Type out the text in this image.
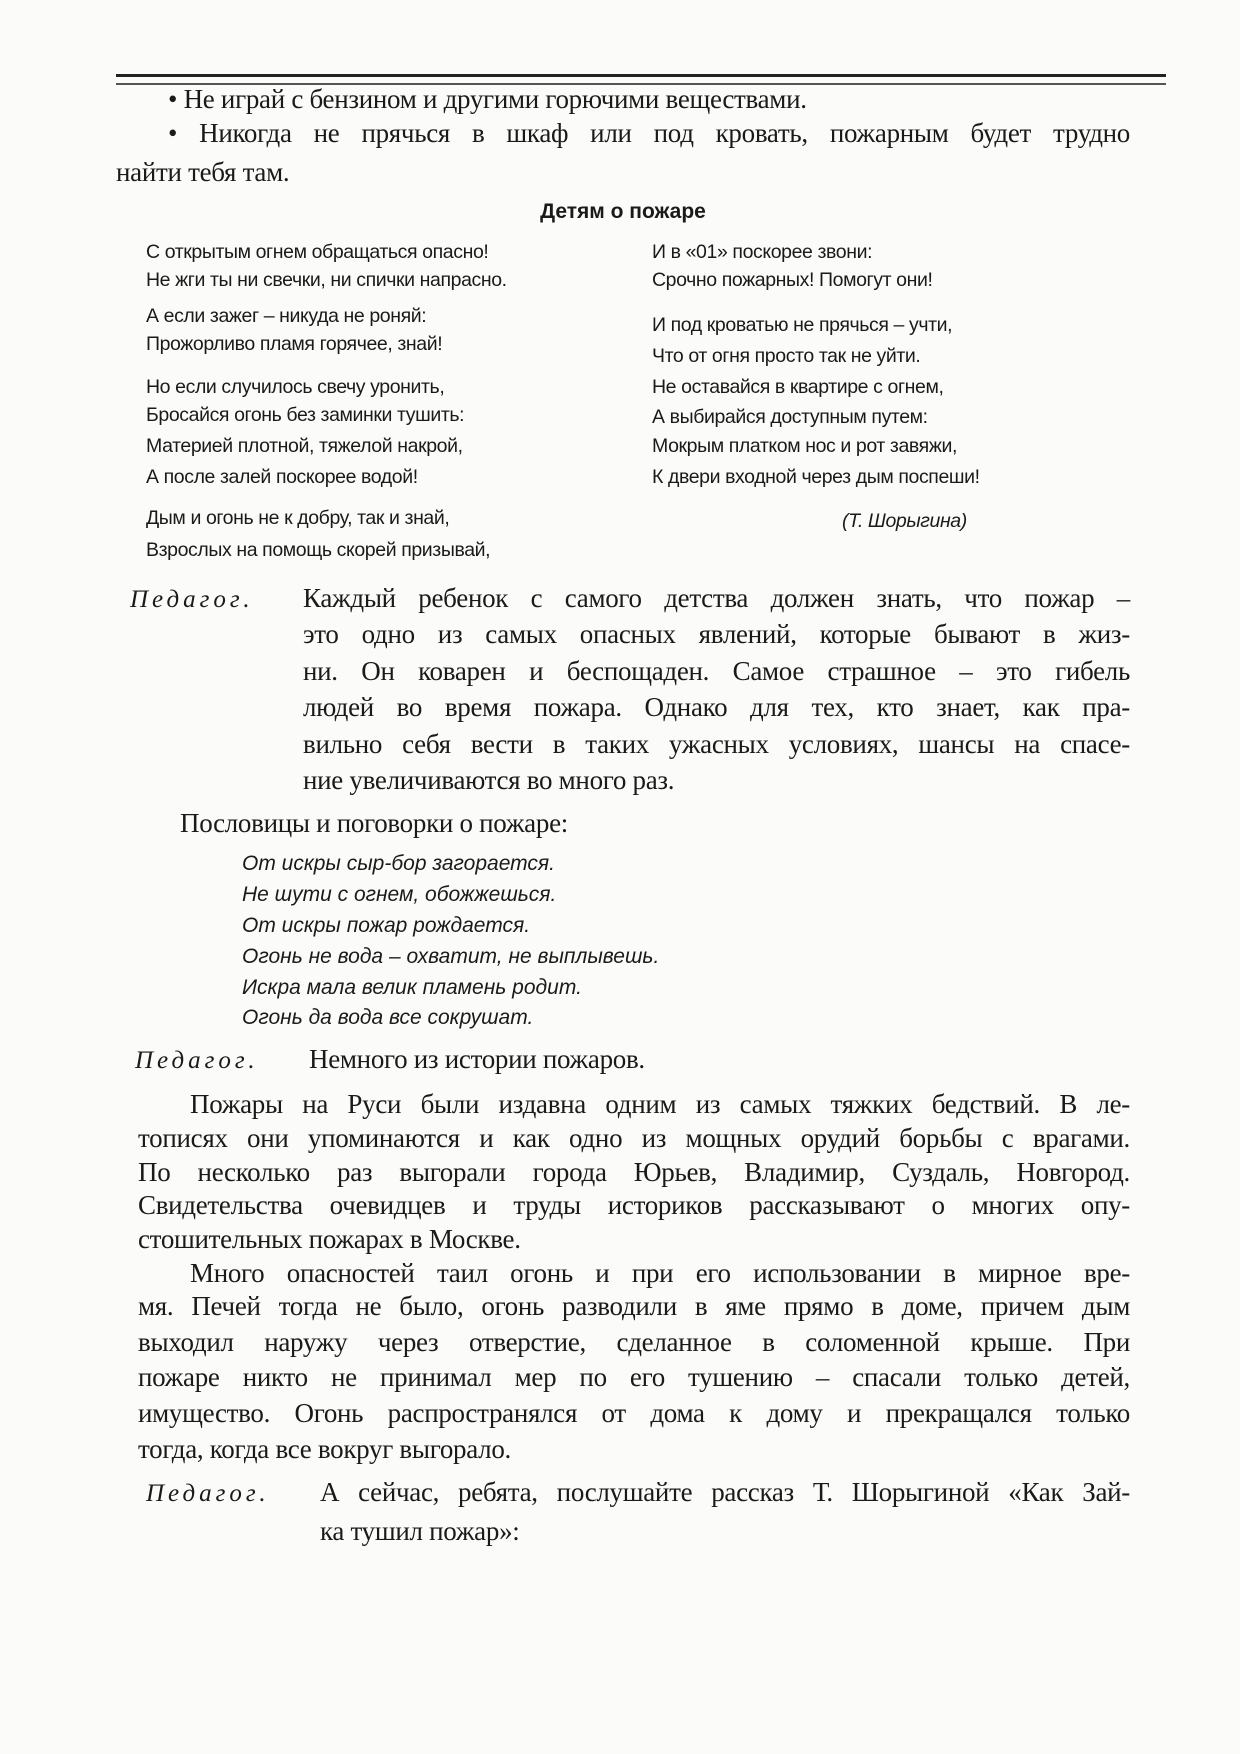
• Не играй с бензином и другими горючими веществами.
• Никогда не прячься в шкаф или под кровать, пожарным будет трудно
найти тебя там.
Детям о пожаре
С открытым огнем обращаться опасно!
Не жги ты ни свечки, ни спички напрасно.
А если зажег – никуда не роняй:
Прожорливо пламя горячее, знай!
Но если случилось свечу уронить,
Бросайся огонь без заминки тушить:
Материей плотной, тяжелой накрой,
А после залей поскорее водой!
Дым и огонь не к добру, так и знай,
Взрослых на помощь скорей призывай,
И в «01» поскорее звони:
Срочно пожарных! Помогут они!
И под кроватью не прячься – учти,
Что от огня просто так не уйти.
Не оставайся в квартире с огнем,
А выбирайся доступным путем:
Мокрым платком нос и рот завяжи,
К двери входной через дым поспеши!
(Т. Шорыгина)
Педагог. Каждый ребенок с самого детства должен знать, что пожар –
это одно из самых опасных явлений, которые бывают в жиз-
ни. Он коварен и беспощаден. Самое страшное – это гибель
людей во время пожара. Однако для тех, кто знает, как пра-
вильно себя вести в таких ужасных условиях, шансы на спасе-
ние увеличиваются во много раз.
Пословицы и поговорки о пожаре:
От искры сыр-бор загорается.
Не шути с огнем, обожжешься.
От искры пожар рождается.
Огонь не вода – охватит, не выплывешь.
Искра мала велик пламень родит.
Огонь да вода все сокрушат.
Педагог. Немного из истории пожаров.
Пожары на Руси были издавна одним из самых тяжких бедствий. В ле-
тописях они упоминаются и как одно из мощных орудий борьбы с врагами.
По несколько раз выгорали города Юрьев, Владимир, Суздаль, Новгород.
Свидетельства очевидцев и труды историков рассказывают о многих опу-
стошительных пожарах в Москве.
Много опасностей таил огонь и при его использовании в мирное вре-
мя. Печей тогда не было, огонь разводили в яме прямо в доме, причем дым
выходил наружу через отверстие, сделанное в соломенной крыше. При
пожаре никто не принимал мер по его тушению – спасали только детей,
имущество. Огонь распространялся от дома к дому и прекращался только
тогда, когда все вокруг выгорало.
Педагог. А сейчас, ребята, послушайте рассказ Т. Шорыгиной «Как Зай-
ка тушил пожар»:
